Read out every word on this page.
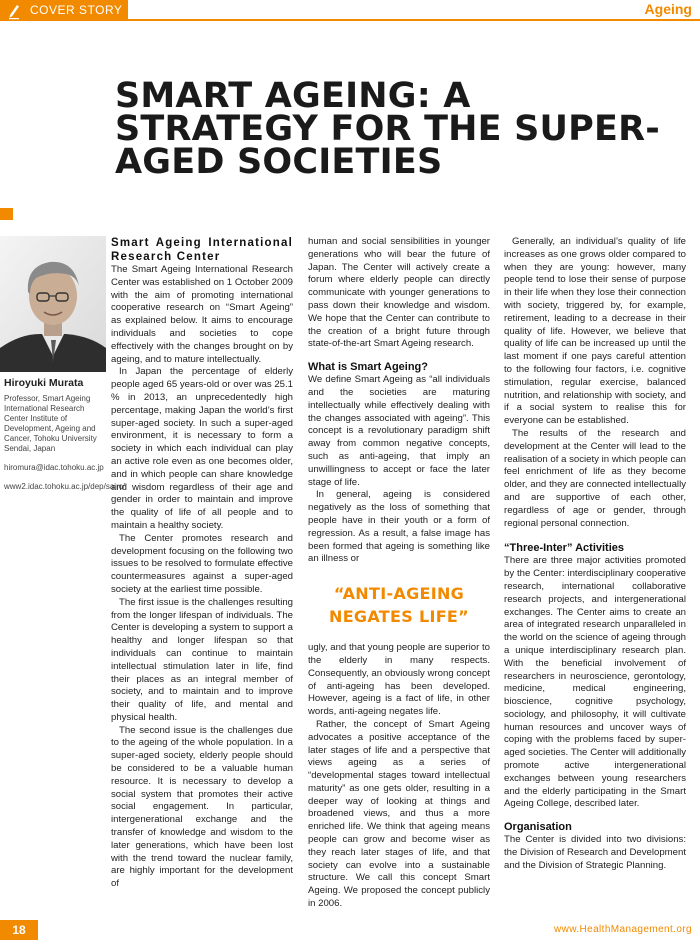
COVER STORY	Ageing
SMART AGEING: A STRATEGY FOR THE SUPER-AGED SOCIETIES
Hiroyuki Murata

Professor, Smart Ageing International Research Center Institute of Development, Ageing and Cancer, Tohoku University Sendai, Japan

hiromura@idac.tohoku.ac.jp

www2.idac.tohoku.ac.jp/dep/sairc/

Smart Ageing International Research Center

The Smart Ageing International Research Center was established on 1 October 2009 with the aim of promoting international cooperative research on “Smart Ageing” as explained below. It aims to encourage individuals and societies to cope effectively with the changes brought on by ageing, and to mature intellectually.

In Japan the percentage of elderly people aged 65 years-old or over was 25.1 % in 2013, an unprecedentedly high percentage, making Japan the world’s first super-aged society. In such a super-aged environment, it is necessary to form a society in which each individual can play an active role even as one becomes older, and in which people can share knowledge and wisdom regardless of their age and gender in order to maintain and improve the quality of life of all people and to maintain a healthy society.

The Center promotes research and development focusing on the following two issues to be resolved to formulate effective countermeasures against a super-aged society at the earliest time possible.

The first issue is the challenges resulting from the longer lifespan of individuals. The Center is developing a system to support a healthy and longer lifespan so that individuals can continue to maintain intellectual stimulation later in life, find their places as an integral member of society, and to maintain and to improve their quality of life, and mental and physical health.

The second issue is the challenges due to the ageing of the whole population. In a super-aged society, elderly people should be considered to be a valuable human resource. It is necessary to develop a social system that promotes their active social engagement. In particular, intergenerational exchange and the transfer of knowledge and wisdom to the later generations, which have been lost with the trend toward the nuclear family, are highly important for the development of

human and social sensibilities in younger generations who will bear the future of Japan. The Center will actively create a forum where elderly people can directly communicate with younger generations to pass down their knowledge and wisdom. We hope that the Center can contribute to the creation of a bright future through state-of-the-art Smart Ageing research.

What is Smart Ageing?

We define Smart Ageing as “all individuals and the societies are maturing intellectually while effectively dealing with the changes associated with ageing”. This concept is a revolutionary paradigm shift away from common negative concepts, such as anti-ageing, that imply an unwillingness to accept or face the later stage of life.

In general, ageing is considered negatively as the loss of something that people have in their youth or a form of regression. As a result, a false image has been formed that ageing is something like an illness or

“ANTI-AGEING NEGATES LIFE”

ugly, and that young people are superior to the elderly in many respects. Consequently, an obviously wrong concept of anti-ageing has been developed. However, ageing is a fact of life, in other words, anti-ageing negates life.

Rather, the concept of Smart Ageing advocates a positive acceptance of the later stages of life and a perspective that views ageing as a series of “developmental stages toward intellectual maturity” as one gets older, resulting in a deeper way of looking at things and broadened views, and thus a more enriched life. We think that ageing means people can grow and become wiser as they reach later stages of life, and that society can evolve into a sustainable structure. We call this concept Smart Ageing. We proposed the concept publicly in 2006.

Generally, an individual’s quality of life increases as one grows older compared to when they are young: however, many people tend to lose their sense of purpose in their life when they lose their connection with society, triggered by, for example, retirement, leading to a decrease in their quality of life. However, we believe that quality of life can be increased up until the last moment if one pays careful attention to the following four factors, i.e. cognitive stimulation, regular exercise, balanced nutrition, and relationship with society, and if a social system to realise this for everyone can be established.

The results of the research and development at the Center will lead to the realisation of a society in which people can feel enrichment of life as they become older, and they are connected intellectually and are supportive of each other, regardless of age or gender, through regional personal connection.

“Three-Inter” Activities

There are three major activities promoted by the Center: interdisciplinary cooperative research, international collaborative research projects, and intergenerational exchanges. The Center aims to create an area of integrated research unparalleled in the world on the science of ageing through a unique interdisciplinary research plan. With the beneficial involvement of researchers in neuroscience, gerontology, medicine, medical engineering, bioscience, cognitive psychology, sociology, and philosophy, it will cultivate human resources and uncover ways of coping with the problems faced by super-aged societies. The Center will additionally promote active intergenerational exchanges between young researchers and the elderly participating in the Smart Ageing College, described later.

Organisation

The Center is divided into two divisions: the Division of Research and Development and the Division of Strategic Planning.

18	www.HealthManagement.org
